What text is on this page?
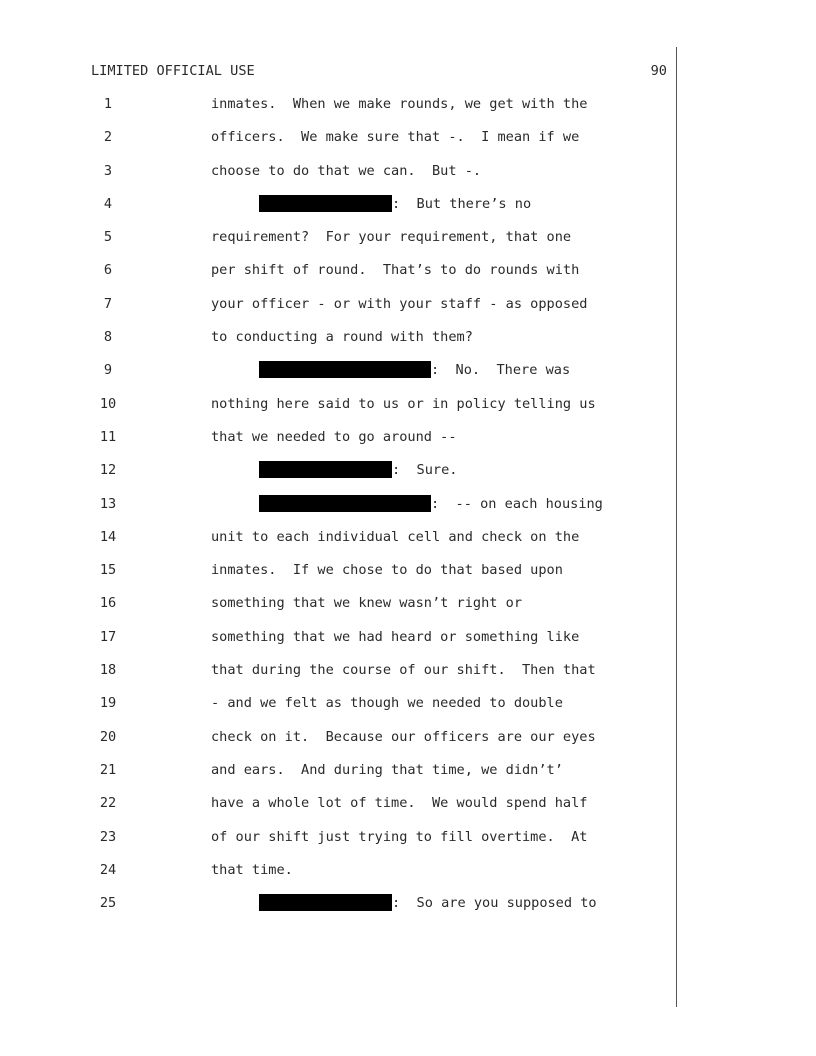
LIMITED OFFICIAL USE	90
1	inmates.  When we make rounds, we get with the
2	officers.  We make sure that -.  I mean if we
3	choose to do that we can.  But -.
4	:  But there’s no
5	requirement?  For your requirement, that one
6	per shift of round.  That’s to do rounds with
7	your officer - or with your staff - as opposed
8	to conducting a round with them?
9	:  No.  There was
10	nothing here said to us or in policy telling us
11	that we needed to go around --
12	:  Sure.
13	:  -- on each housing
14	unit to each individual cell and check on the
15	inmates.  If we chose to do that based upon
16	something that we knew wasn’t right or
17	something that we had heard or something like
18	that during the course of our shift.  Then that
19	- and we felt as though we needed to double
20	check on it.  Because our officers are our eyes
21	and ears.  And during that time, we didn’t’
22	have a whole lot of time.  We would spend half
23	of our shift just trying to fill overtime.  At
24	that time.
25	:  So are you supposed to
